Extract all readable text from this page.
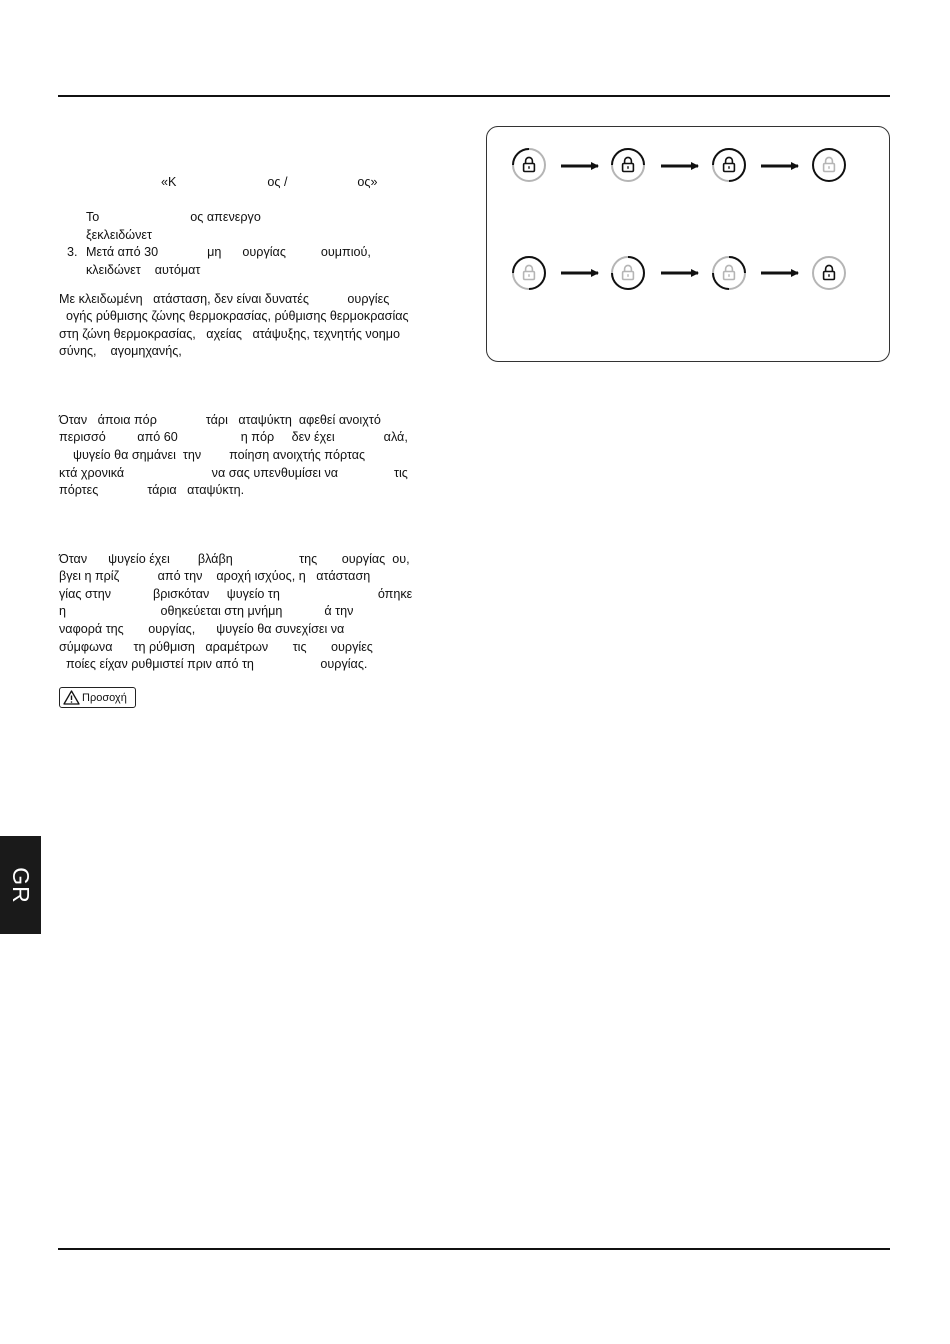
«Κ                          ος /                    ος»
Το                          ος απενεργο
ξεκλειδώνετ
3. Μετά από 30              μη      ουργίας          ουμπιού,
κλειδώνετ    αυτόματ
Με κλειδωμένη   ατάσταση, δεν είναι δυνατές           ουργίες
ογής ρύθμισης ζώνης θερμοκρασίας, ρύθμισης θερμοκρασίας
στη ζώνη θερμοκρασίας,   αχείας   ατάψυξης, τεχνητής νοημο
σύνης,    αγομηχανής,
Όταν   άποια πόρ              τάρι   αταψύκτη  αφεθεί ανοιχτό
περισσό         από 60                  η πόρ     δεν έχει              αλά,
ψυγείο θα σημάνει  την        ποίηση ανοιχτής πόρτας
κτά χρονικά                         να σας υπενθυμίσει να                τις
πόρτες              τάρια   αταψύκτη.
Όταν      ψυγείο έχει        βλάβη                   της       ουργίας  ου,
βγει η πρίζ           από την    αροχή ισχύος, η   ατάσταση
γίας στην            βρισκόταν     ψυγείο τη                            όπηκε
η                           οθηκεύεται στη μνήμη            ά την
ναφορά της       ουργίας,      ψυγείο θα συνεχίσει να
σύμφωνα      τη ρύθμιση   αραμέτρων       τις       ουργίες
ποίες είχαν ρυθμιστεί πριν από τη                   ουργίας.
Προσοχή
GR
